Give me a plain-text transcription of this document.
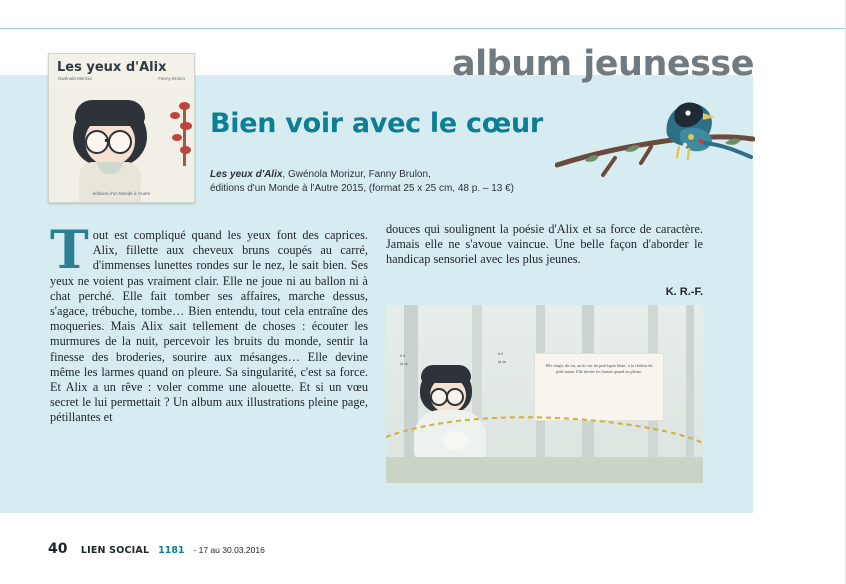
album jeunesse
Les yeux d'Alix
Gwénola Morizur	Fanny Brulon
éditions d'un Monde à l'Autre
Bien voir avec le cœur
Les yeux d'Alix, Gwénola Morizur, Fanny Brulon,
éditions d'un Monde à l'Autre 2015, (format 25 x 25 cm, 48 p. – 13 €)
Tout est compliqué quand les yeux font des caprices. Alix, fillette aux cheveux bruns coupés au carré, d'immenses lunettes rondes sur le nez, le sait bien. Ses yeux ne voient pas vraiment clair. Elle ne joue ni au ballon ni à chat perché. Elle fait tomber ses affaires, marche dessus, s'agace, trébuche, tombe… Bien entendu, tout cela entraîne des moqueries. Mais Alix sait tellement de choses : écouter les murmures de la nuit, percevoir les bruits du monde, sentir la finesse des broderies, sourire aux mésanges… Elle devine même les larmes quand on pleure. Sa singularité, c'est sa force. Et Alix a un rêve : voler comme une alouette. Et si un vœu secret le lui permettait ? Un album aux illustrations pleine page, pétillantes et
douces qui soulignent la poésie d'Alix et sa force de caractère. Jamais elle ne s'avoue vaincue. Une belle façon d'aborder le handicap sensoriel avec les plus jeunes.
K. R.-F.

Elle réagit, dit-on, au tic-tac du petit lapin blanc, à la chaleur du petit matin. Elle devine les larmes quand on pleure.

ti ti
ta ta
ti ti
ta ta
40 LIEN SOCIAL 1181 - 17 au 30.03.2016
